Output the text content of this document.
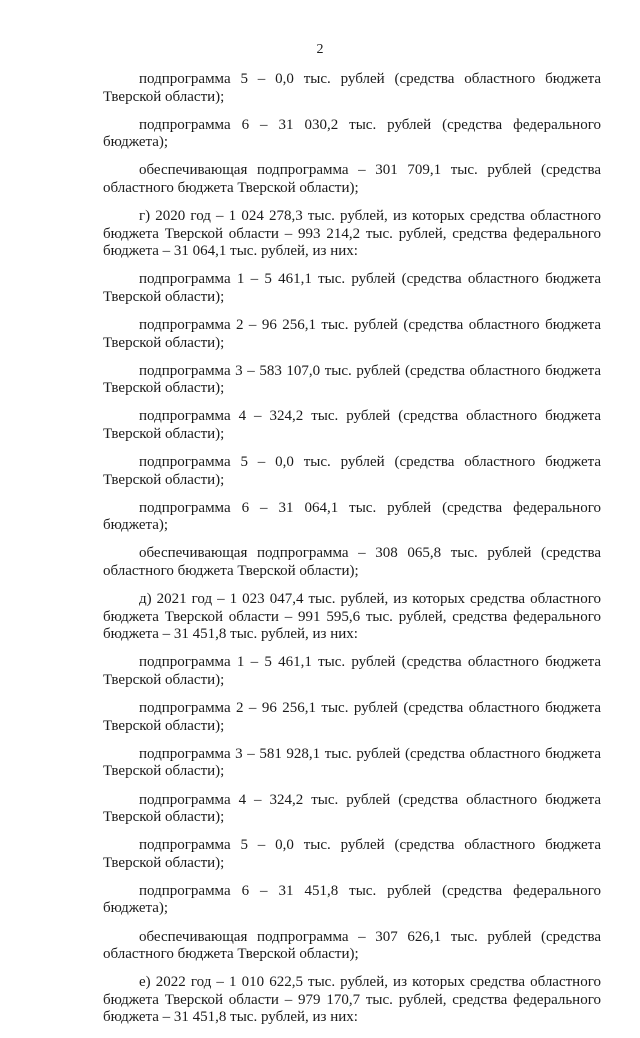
2

подпрограмма 5 – 0,0 тыс. рублей (средства областного бюджета Тверской области);

подпрограмма 6 – 31 030,2 тыс. рублей (средства федерального бюджета);

обеспечивающая подпрограмма – 301 709,1 тыс. рублей (средства областного бюджета Тверской области);

г) 2020 год – 1 024 278,3 тыс. рублей, из которых средства областного бюджета Тверской области – 993 214,2 тыс. рублей, средства федерального бюджета – 31 064,1 тыс. рублей, из них:

подпрограмма 1 – 5 461,1 тыс. рублей (средства областного бюджета Тверской области);

подпрограмма 2 – 96 256,1 тыс. рублей (средства областного бюджета Тверской области);

подпрограмма 3 – 583 107,0 тыс. рублей (средства областного бюджета Тверской области);

подпрограмма 4 – 324,2 тыс. рублей (средства областного бюджета Тверской области);

подпрограмма 5 – 0,0 тыс. рублей (средства областного бюджета Тверской области);

подпрограмма 6 – 31 064,1 тыс. рублей (средства федерального бюджета);

обеспечивающая подпрограмма – 308 065,8 тыс. рублей (средства областного бюджета Тверской области);

д) 2021 год – 1 023 047,4 тыс. рублей, из которых средства областного бюджета Тверской области – 991 595,6 тыс. рублей, средства федерального бюджета – 31 451,8 тыс. рублей, из них:

подпрограмма 1 – 5 461,1 тыс. рублей (средства областного бюджета Тверской области);

подпрограмма 2 – 96 256,1 тыс. рублей (средства областного бюджета Тверской области);

подпрограмма 3 – 581 928,1 тыс. рублей (средства областного бюджета Тверской области);

подпрограмма 4 – 324,2 тыс. рублей (средства областного бюджета Тверской области);

подпрограмма 5 – 0,0 тыс. рублей (средства областного бюджета Тверской области);

подпрограмма 6 – 31 451,8 тыс. рублей (средства федерального бюджета);

обеспечивающая подпрограмма – 307 626,1 тыс. рублей (средства областного бюджета Тверской области);

е) 2022 год – 1 010 622,5 тыс. рублей, из которых средства областного бюджета Тверской области – 979 170,7 тыс. рублей, средства федерального бюджета – 31 451,8 тыс. рублей, из них:
